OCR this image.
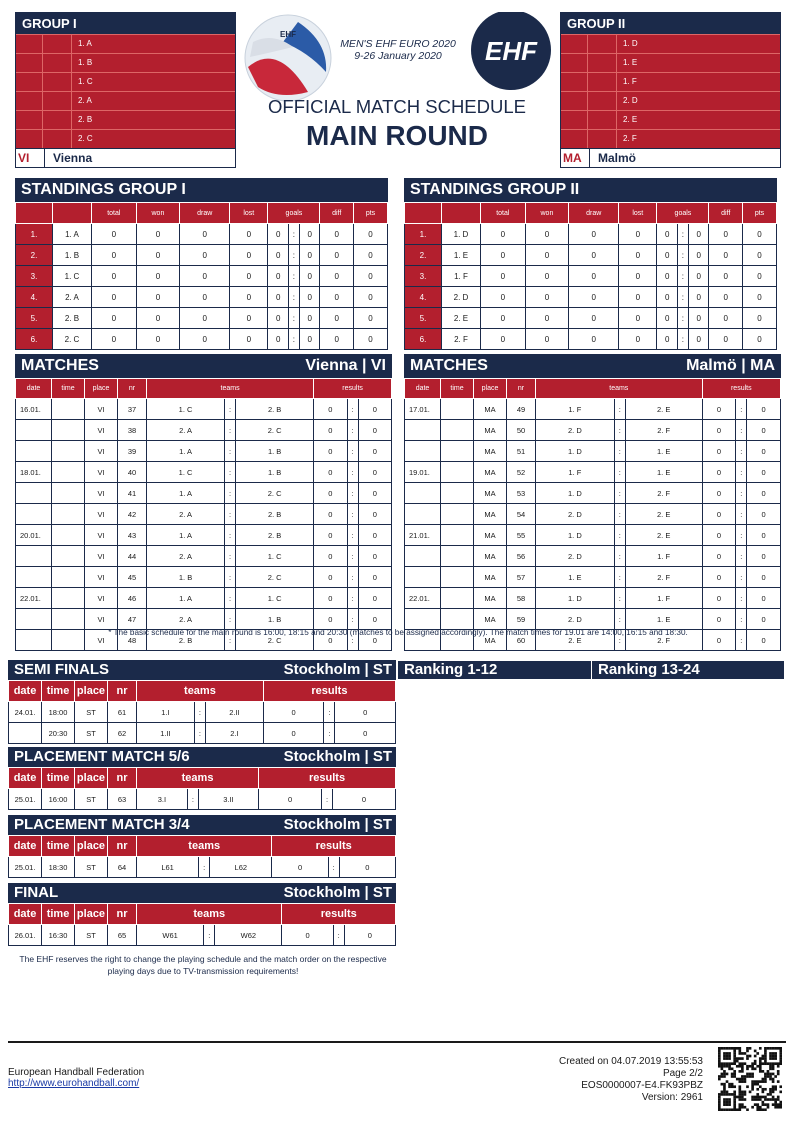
GROUP I
1. A
1. B
1. C
2. A
2. B
2. C
VI	Vienna
GROUP II
1. D
1. E
1. F
2. D
2. E
2. F
MA	Malmö
EHF
EHF
MEN'S EHF EURO 2020
9-26 January 2020
OFFICIAL MATCH SCHEDULE
MAIN ROUND
STANDINGS GROUP I
		total	won	draw	lost	goals			diff	pts
1.	1. A	0	0	0	0	0	:	0	0	0
2.	1. B	0	0	0	0	0	:	0	0	0
3.	1. C	0	0	0	0	0	:	0	0	0
4.	2. A	0	0	0	0	0	:	0	0	0
5.	2. B	0	0	0	0	0	:	0	0	0
6.	2. C	0	0	0	0	0	:	0	0	0
STANDINGS GROUP II
		total	won	draw	lost	goals			diff	pts
1.	1. D	0	0	0	0	0	:	0	0	0
2.	1. E	0	0	0	0	0	:	0	0	0
3.	1. F	0	0	0	0	0	:	0	0	0
4.	2. D	0	0	0	0	0	:	0	0	0
5.	2. E	0	0	0	0	0	:	0	0	0
6.	2. F	0	0	0	0	0	:	0	0	0
MATCHES	Vienna | VI
date	time	place	nr	teams			results		
16.01.		VI	37	1. C	:	2. B	0	:	0
		VI	38	2. A	:	2. C	0	:	0
		VI	39	1. A	:	1. B	0	:	0
18.01.		VI	40	1. C	:	1. B	0	:	0
		VI	41	1. A	:	2. C	0	:	0
		VI	42	2. A	:	2. B	0	:	0
20.01.		VI	43	1. A	:	2. B	0	:	0
		VI	44	2. A	:	1. C	0	:	0
		VI	45	1. B	:	2. C	0	:	0
22.01.		VI	46	1. A	:	1. C	0	:	0
		VI	47	2. A	:	1. B	0	:	0
		VI	48	2. B	:	2. C	0	:	0
MATCHES	Malmö | MA
date	time	place	nr	teams			results		
17.01.		MA	49	1. F	:	2. E	0	:	0
		MA	50	2. D	:	2. F	0	:	0
		MA	51	1. D	:	1. E	0	:	0
19.01.		MA	52	1. F	:	1. E	0	:	0
		MA	53	1. D	:	2. F	0	:	0
		MA	54	2. D	:	2. E	0	:	0
21.01.		MA	55	1. D	:	2. E	0	:	0
		MA	56	2. D	:	1. F	0	:	0
		MA	57	1. E	:	2. F	0	:	0
22.01.		MA	58	1. D	:	1. F	0	:	0
		MA	59	2. D	:	1. E	0	:	0
		MA	60	2. E	:	2. F	0	:	0
* The basic schedule for the main round is 16:00, 18:15 and 20:30 (matches to be assigned accordingly). The match times for 19.01 are 14:00, 16:15 and 18:30.
SEMI FINALS	Stockholm | ST
date	time	place	nr	teams			results		
24.01.	18:00	ST	61	1.I	:	2.II	0	:	0
	20:30	ST	62	1.II	:	2.I	0	:	0
PLACEMENT MATCH 5/6	Stockholm | ST
date	time	place	nr	teams			results		
25.01.	16:00	ST	63	3.I	:	3.II	0	:	0
PLACEMENT MATCH 3/4	Stockholm | ST
date	time	place	nr	teams			results		
25.01.	18:30	ST	64	L61	:	L62	0	:	0
FINAL	Stockholm | ST
date	time	place	nr	teams			results		
26.01.	16:30	ST	65	W61	:	W62	0	:	0
Ranking 1-12	Ranking 13-24
The EHF reserves the right to change the playing schedule and the match order on the respective playing days due to TV-transmission requirements!
European Handball Federation
http://www.eurohandball.com/
Created on 04.07.2019 13:55:53
Page 2/2
EOS0000007-E4.FK93PBZ
Version: 2961
